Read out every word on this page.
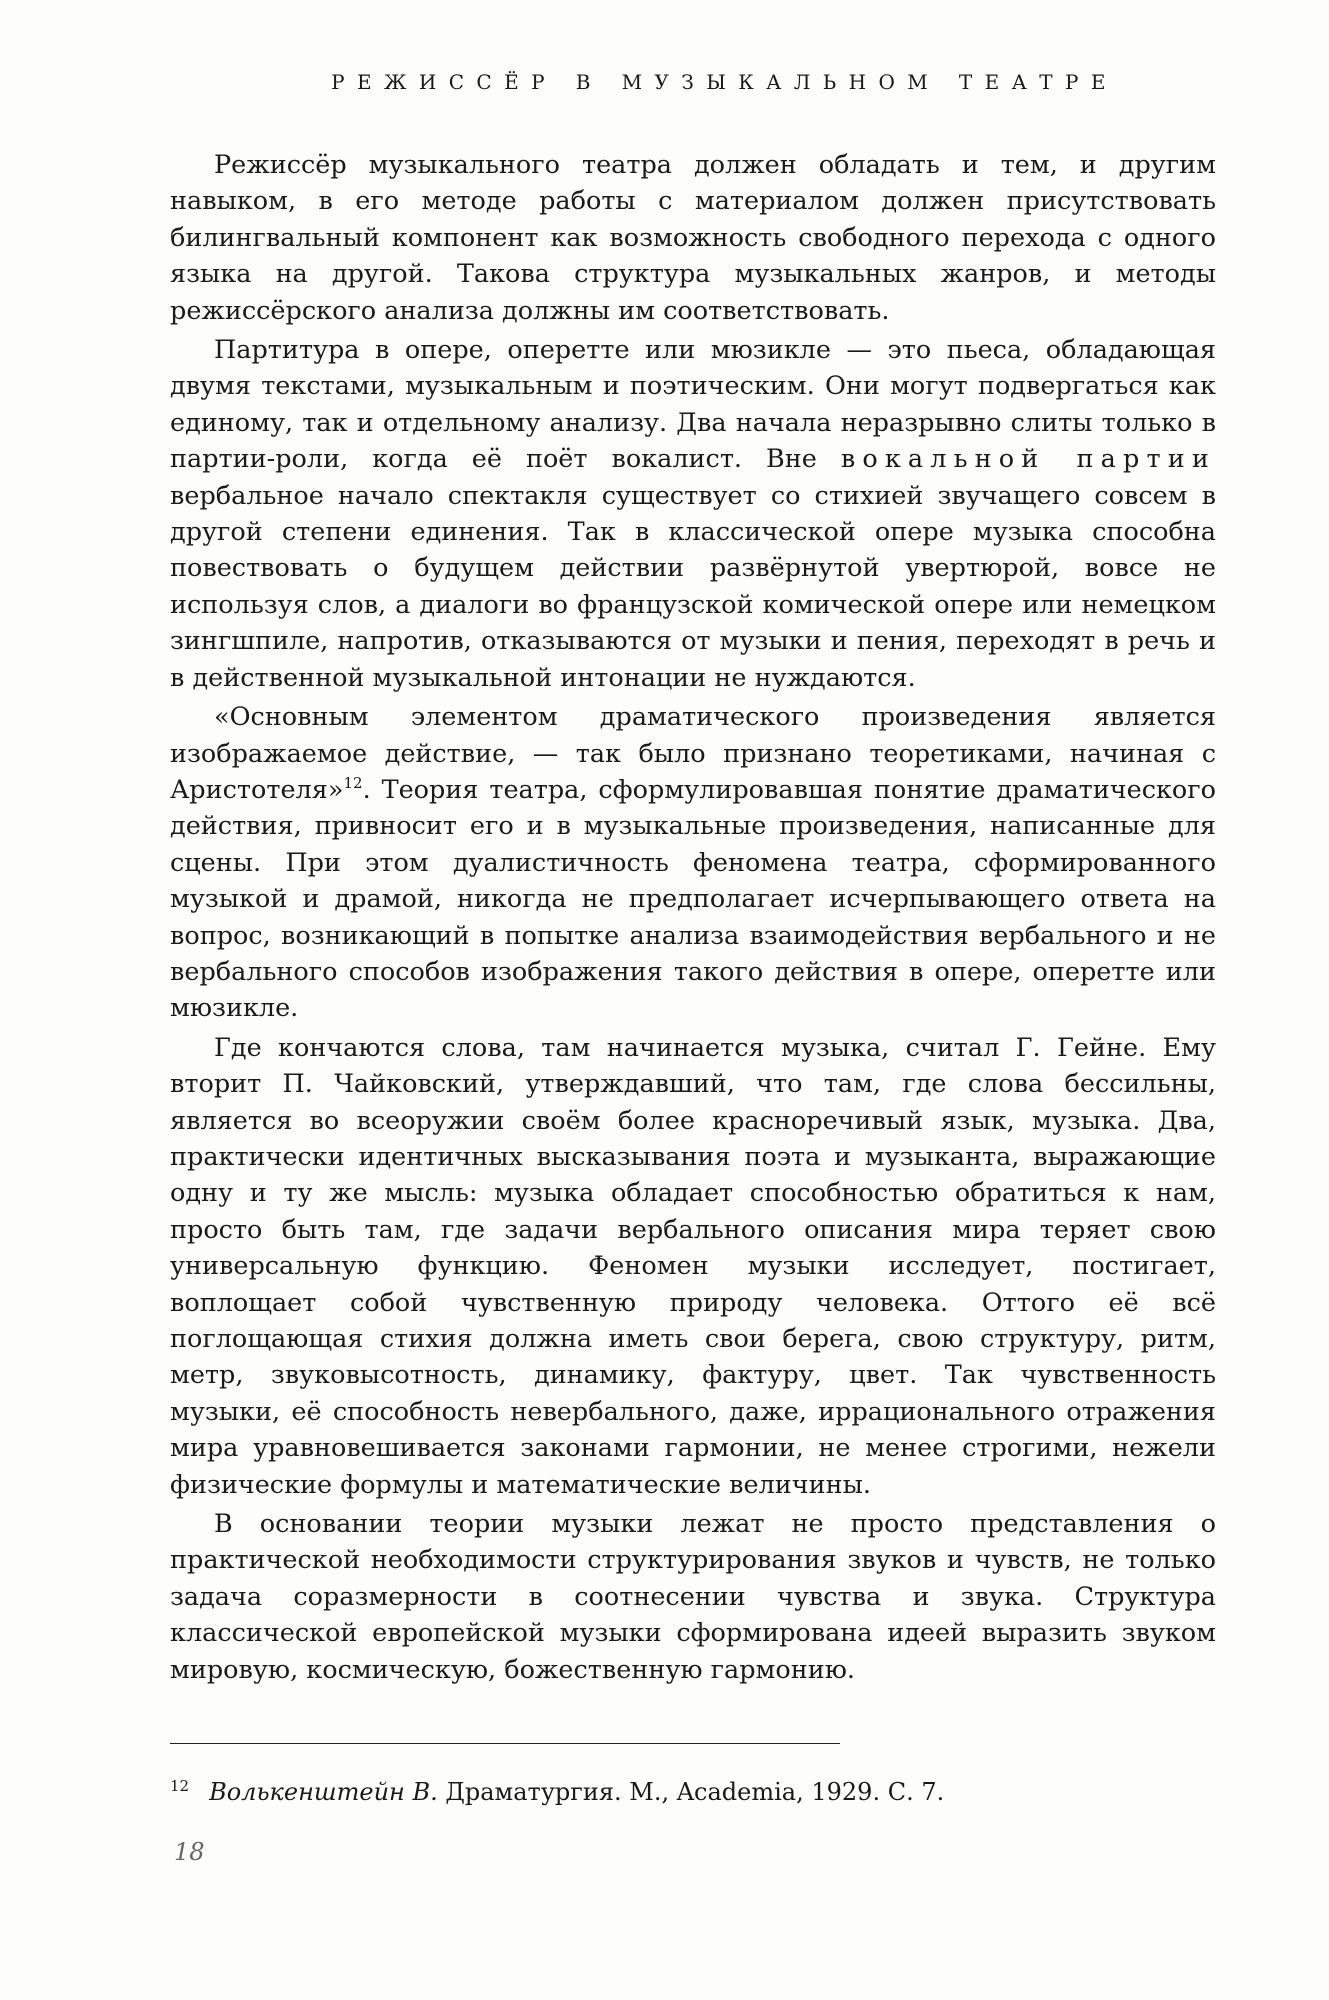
РЕЖИССЁР В МУЗЫКАЛЬНОМ ТЕАТРЕ

Режиссёр музыкального театра должен обладать и тем, и другим навыком, в его методе работы с материалом должен присутствовать билингвальный компонент как возможность свободного перехода с одного языка на другой. Такова структура музыкальных жанров, и методы режиссёрского анализа должны им соответствовать.

Партитура в опере, оперетте или мюзикле — это пьеса, обладающая двумя текстами, музыкальным и поэтическим. Они могут подвергаться как единому, так и отдельному анализу. Два начала неразрывно слиты только в партии-роли, когда её поёт вокалист. Вне вокальной партии вербальное начало спектакля существует со стихией звучащего совсем в другой степени единения. Так в классической опере музыка способна повествовать о будущем действии развёрнутой увертюрой, вовсе не используя слов, а диалоги во французской комической опере или немецком зингшпиле, напротив, отказываются от музыки и пения, переходят в речь и в действенной музыкальной интонации не нуждаются.

«Основным элементом драматического произведения является изображаемое действие, — так было признано теоретиками, начиная с Аристотеля»$^{12}$. Теория театра, сформулировавшая понятие драматического действия, привносит его и в музыкальные произведения, написанные для сцены. При этом дуалистичность феномена театра, сформированного музыкой и драмой, никогда не предполагает исчерпывающего ответа на вопрос, возникающий в попытке анализа взаимодействия вербального и не вербального способов изображения такого действия в опере, оперетте или мюзикле.

Где кончаются слова, там начинается музыка, считал Г. Гейне. Ему вторит П. Чайковский, утверждавший, что там, где слова бессильны, является во всеоружии своём более красноречивый язык, музыка. Два, практически идентичных высказывания поэта и музыканта, выражающие одну и ту же мысль: музыка обладает способностью обратиться к нам, просто быть там, где задачи вербального описания мира теряет свою универсальную функцию. Феномен музыки исследует, постигает, воплощает собой чувственную природу человека. Оттого её всё поглощающая стихия должна иметь свои берега, свою структуру, ритм, метр, звуковысотность, динамику, фактуру, цвет. Так чувственность музыки, её способность невербального, даже, иррационального отражения мира уравновешивается законами гармонии, не менее строгими, нежели физические формулы и математические величины.

В основании теории музыки лежат не просто представления о практической необходимости структурирования звуков и чувств, не только задача соразмерности в соотнесении чувства и звука. Структура классической европейской музыки сформирована идеей выразить звуком мировую, космическую, божественную гармонию.

$^{12}$ Волькенштейн В. Драматургия. М., Academia, 1929. С. 7.
18
